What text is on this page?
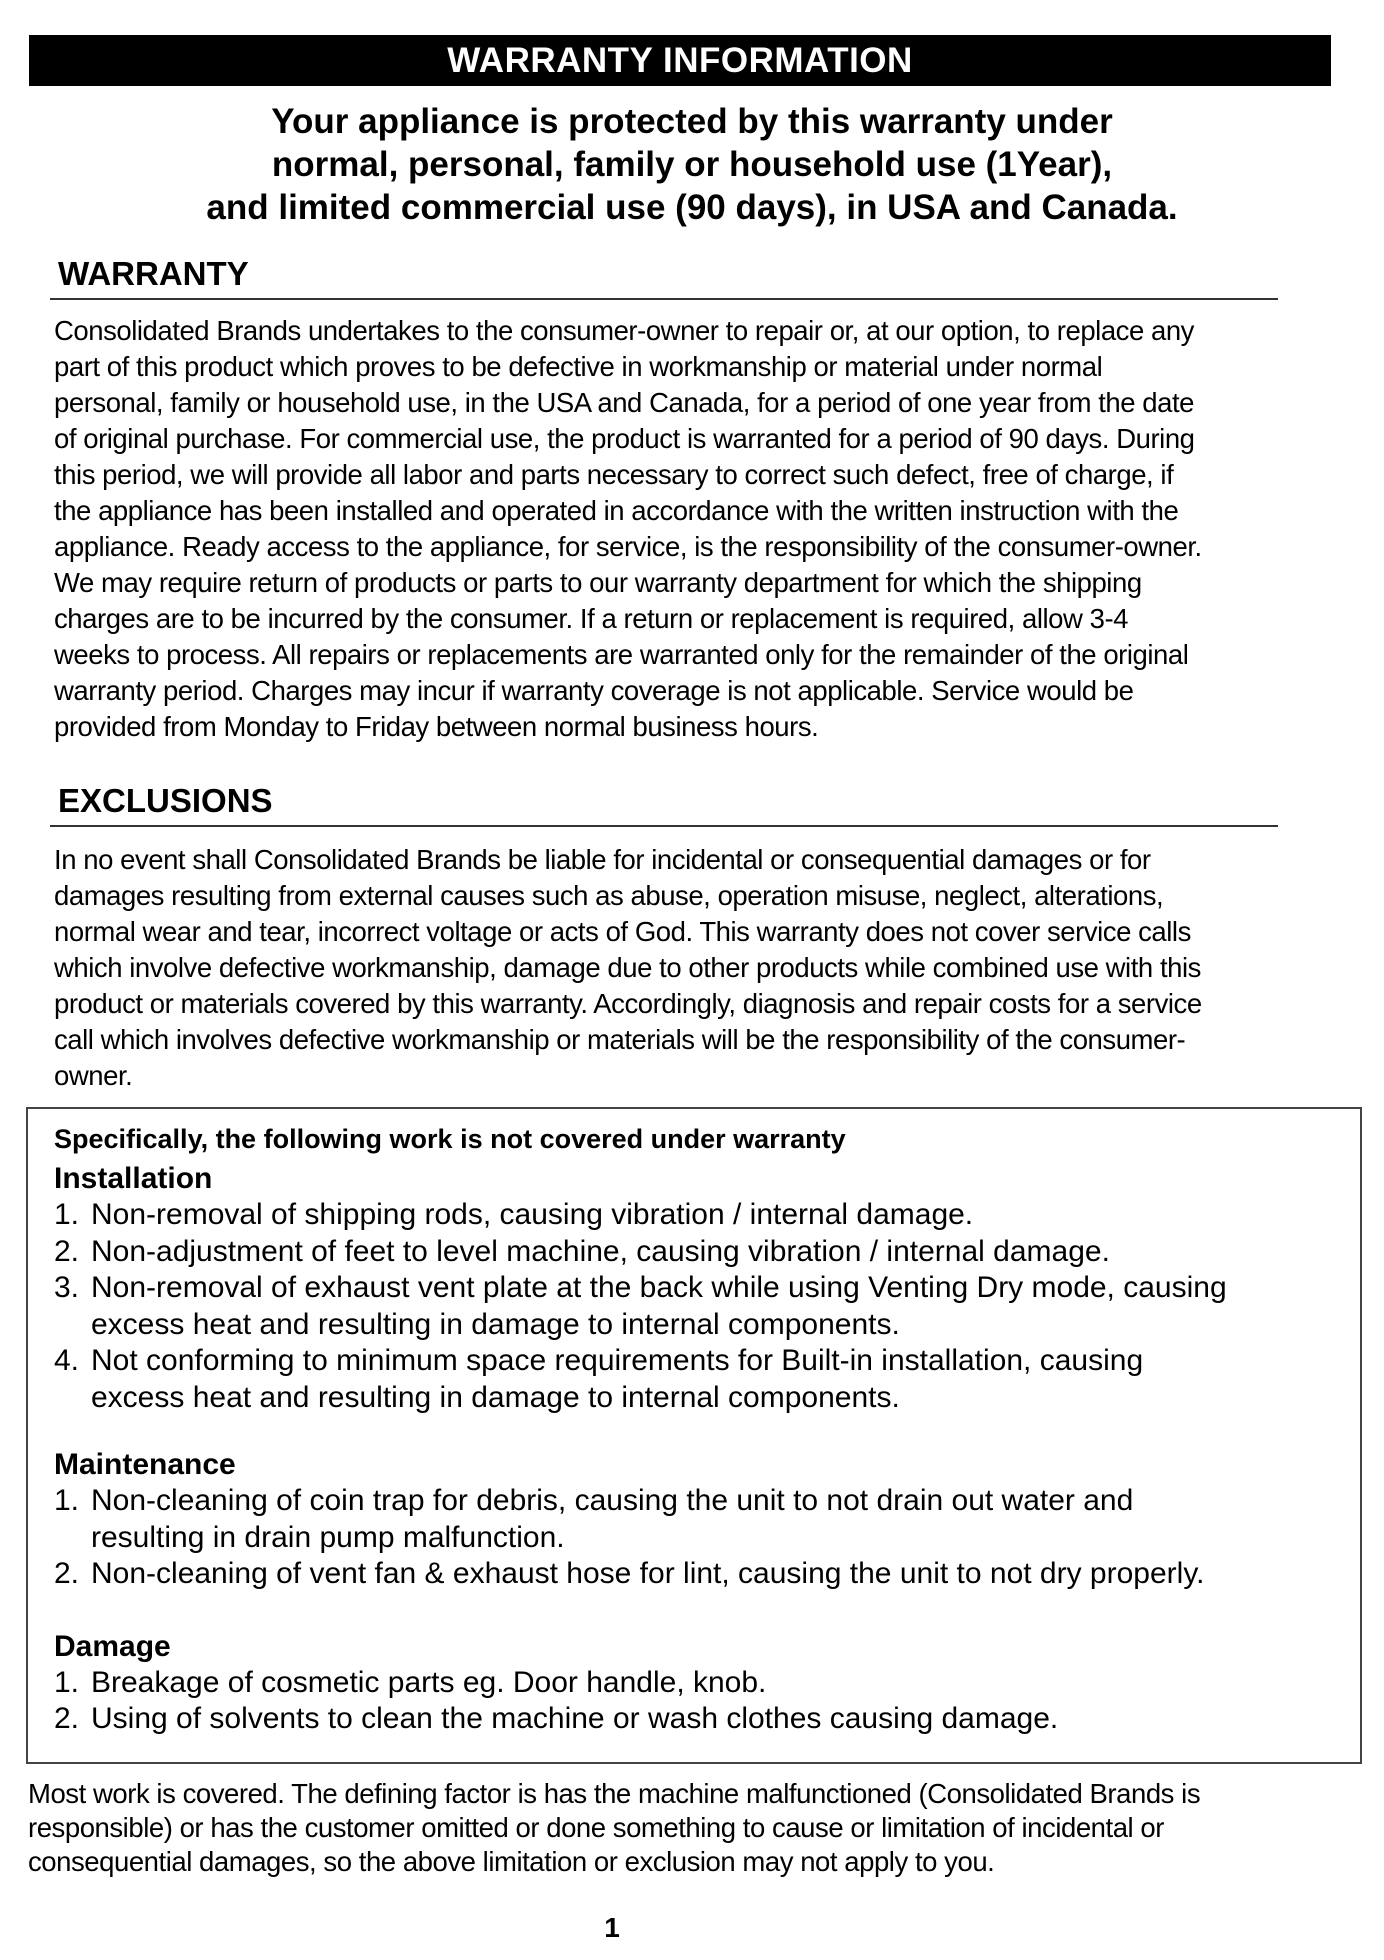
WARRANTY INFORMATION
Your appliance is protected by this warranty under
normal, personal, family or household use (1Year),
and limited commercial use (90 days), in USA and Canada.
WARRANTY
Consolidated Brands undertakes to the consumer-owner to repair or, at our option, to replace any
part of this product which proves to be defective in workmanship or material under normal
personal, family or household use, in the USA and Canada, for a period of one year from the date
of original purchase. For commercial use, the product is warranted for a period of 90 days. During
this period, we will provide all labor and parts necessary to correct such defect, free of charge, if
the appliance has been installed and operated in accordance with the written instruction with the
appliance. Ready access to the appliance, for service, is the responsibility of the consumer-owner.
We may require return of products or parts to our warranty department for which the shipping
charges are to be incurred by the consumer. If a return or replacement is required, allow 3-4
weeks to process. All repairs or replacements are warranted only for the remainder of the original
warranty period. Charges may incur if warranty coverage is not applicable. Service would be
provided from Monday to Friday between normal business hours.
EXCLUSIONS
In no event shall Consolidated Brands be liable for incidental or consequential damages or for
damages resulting from external causes such as abuse, operation misuse, neglect, alterations,
normal wear and tear, incorrect voltage or acts of God. This warranty does not cover service calls
which involve defective workmanship, damage due to other products while combined use with this
product or materials covered by this warranty. Accordingly, diagnosis and repair costs for a service
call which involves defective workmanship or materials will be the responsibility of the consumer-
owner.
Specifically, the following work is not covered under warranty
Installation
1. Non-removal of shipping rods, causing vibration / internal damage.
2. Non-adjustment of feet to level machine, causing vibration / internal damage.
3. Non-removal of exhaust vent plate at the back while using Venting Dry mode, causing
excess heat and resulting in damage to internal components.
4. Not conforming to minimum space requirements for Built-in installation, causing
excess heat and resulting in damage to internal components.
Maintenance
1. Non-cleaning of coin trap for debris, causing the unit to not drain out water and
resulting in drain pump malfunction.
2. Non-cleaning of vent fan & exhaust hose for lint, causing the unit to not dry properly.
Damage
1. Breakage of cosmetic parts eg. Door handle, knob.
2. Using of solvents to clean the machine or wash clothes causing damage.
Most work is covered. The defining factor is has the machine malfunctioned (Consolidated Brands is
responsible) or has the customer omitted or done something to cause or limitation of incidental or
consequential damages, so the above limitation or exclusion may not apply to you.
1
